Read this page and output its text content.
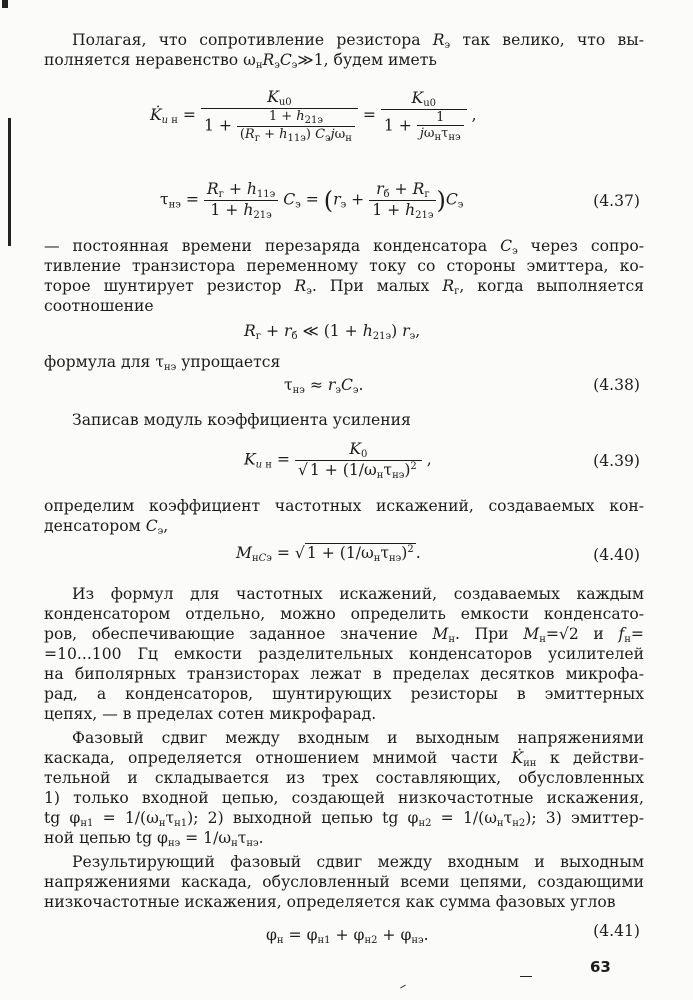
Полагая, что сопротивление резистора $R_э$ так велико, что вы-
полняется неравенство $\omega_нR_эC_э≫1$, будем иметь
$K̇_{и н} = \frac{K_{u0}}{1 + \frac{1 + h_{21э}}{(R_г + h_{11э}) C_эj\omega_н}} = \frac{K_{u0}}{1 + \frac{1}{j\omega_н\tau_{нэ}}}$ ,
$\tau_{нэ} = \frac{R_г + h_{11э}}{1 + h_{21э}} C_э = (r_э + \frac{r_б + R_г}{1 + h_{21э}} )C_э$	(4.37)
— постоянная времени перезаряда конденсатора $C_э$ через сопро-
тивление транзистора переменному току со стороны эмиттера, ко-
торое шунтирует резистор $R_э$. При малых $R_г$, когда выполняется
соотношение
$R_г + r_б$ ≪ $(1 + h_{21э})$ $r_э$,
формула для $\tau_{нэ}$ упрощается
$\tau_{нэ} \approx r_эC_э$.	(4.38)
Записав модуль коэффициента усиления
$K_{и н} = \frac{K_0}{√ 1 + (1/\omega_н\tau_{нэ})^2}$ ,	(4.39)
определим коэффициент частотных искажений, создаваемых кон-
денсатором $C_э$,
$M_{нCэ}$ = √ $1 + (1/\omega_н\tau_{нэ})^2$ .	(4.40)
Из формул для частотных искажений, создаваемых каждым
конденсатором отдельно, можно определить емкости конденсато-
ров, обеспечивающие заданное значение $M_н$. При $M_н=√2$ и $f_н=$
=10...100 Гц емкости разделительных конденсаторов усилителей
на биполярных транзисторах лежат в пределах десятков микрофа-
рад, а конденсаторов, шунтирующих резисторы в эмиттерных
цепях, — в пределах сотен микрофарад.
Фазовый сдвиг между входным и выходным напряжениями
каскада, определяется отношением мнимой части $K̇_{ин}$ к действи-
тельной и складывается из трех составляющих, обусловленных
1) только входной цепью, создающей низкочастотные искажения,
tg $\varphi_{н1} = 1/(\omega_н\tau_{н1})$; 2) выходной цепью tg $\varphi_{н2} = 1/(\omega_н\tau_{н2})$; 3) эмиттер-
ной цепью tg $\varphi_{нэ} = 1/\omega_н\tau_{нэ}$.
Результирующий фазовый сдвиг между входным и выходным
напряжениями каскада, обусловленный всеми цепями, создающими
низкочастотные искажения, определяется как сумма фазовых углов
$\varphi_н = \varphi_{н1} + \varphi_{н2} + \varphi_{нэ}$.	(4.41)
63
